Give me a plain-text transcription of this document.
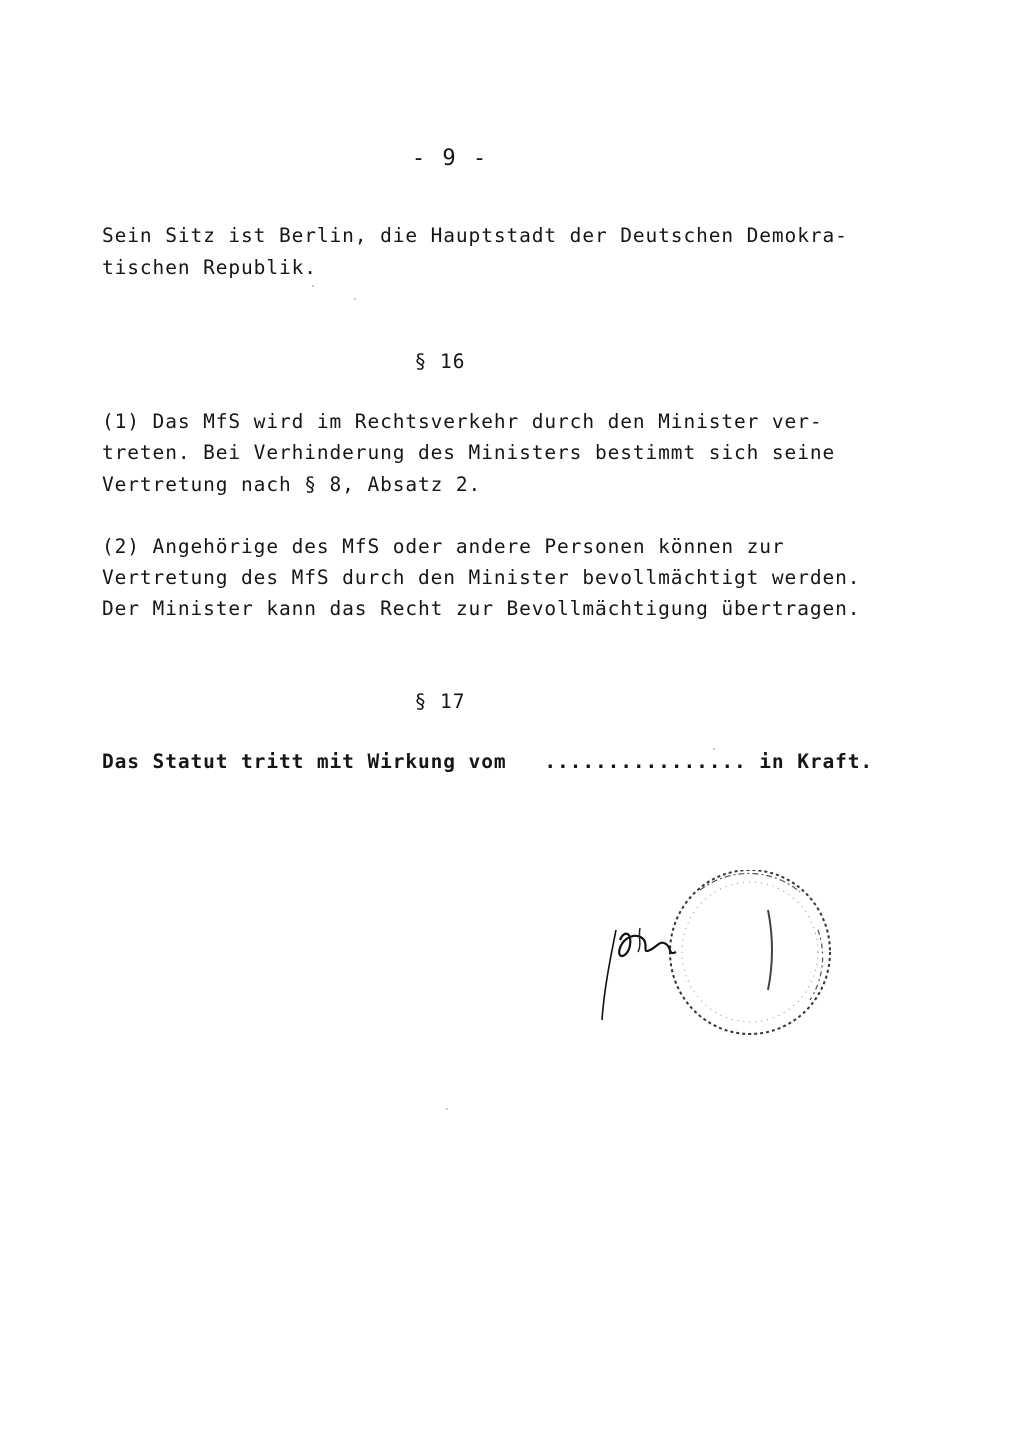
- 9 -
Sein Sitz ist Berlin, die Hauptstadt der Deutschen Demokra-
tischen Republik.
§ 16
(1) Das MfS wird im Rechtsverkehr durch den Minister ver-
treten. Bei Verhinderung des Ministers bestimmt sich seine
Vertretung nach § 8, Absatz 2.
(2) Angehörige des MfS oder andere Personen können zur
Vertretung des MfS durch den Minister bevollmächtigt werden.
Der Minister kann das Recht zur Bevollmächtigung übertragen.
§ 17
Das Statut tritt mit Wirkung vom   ................ in Kraft.
